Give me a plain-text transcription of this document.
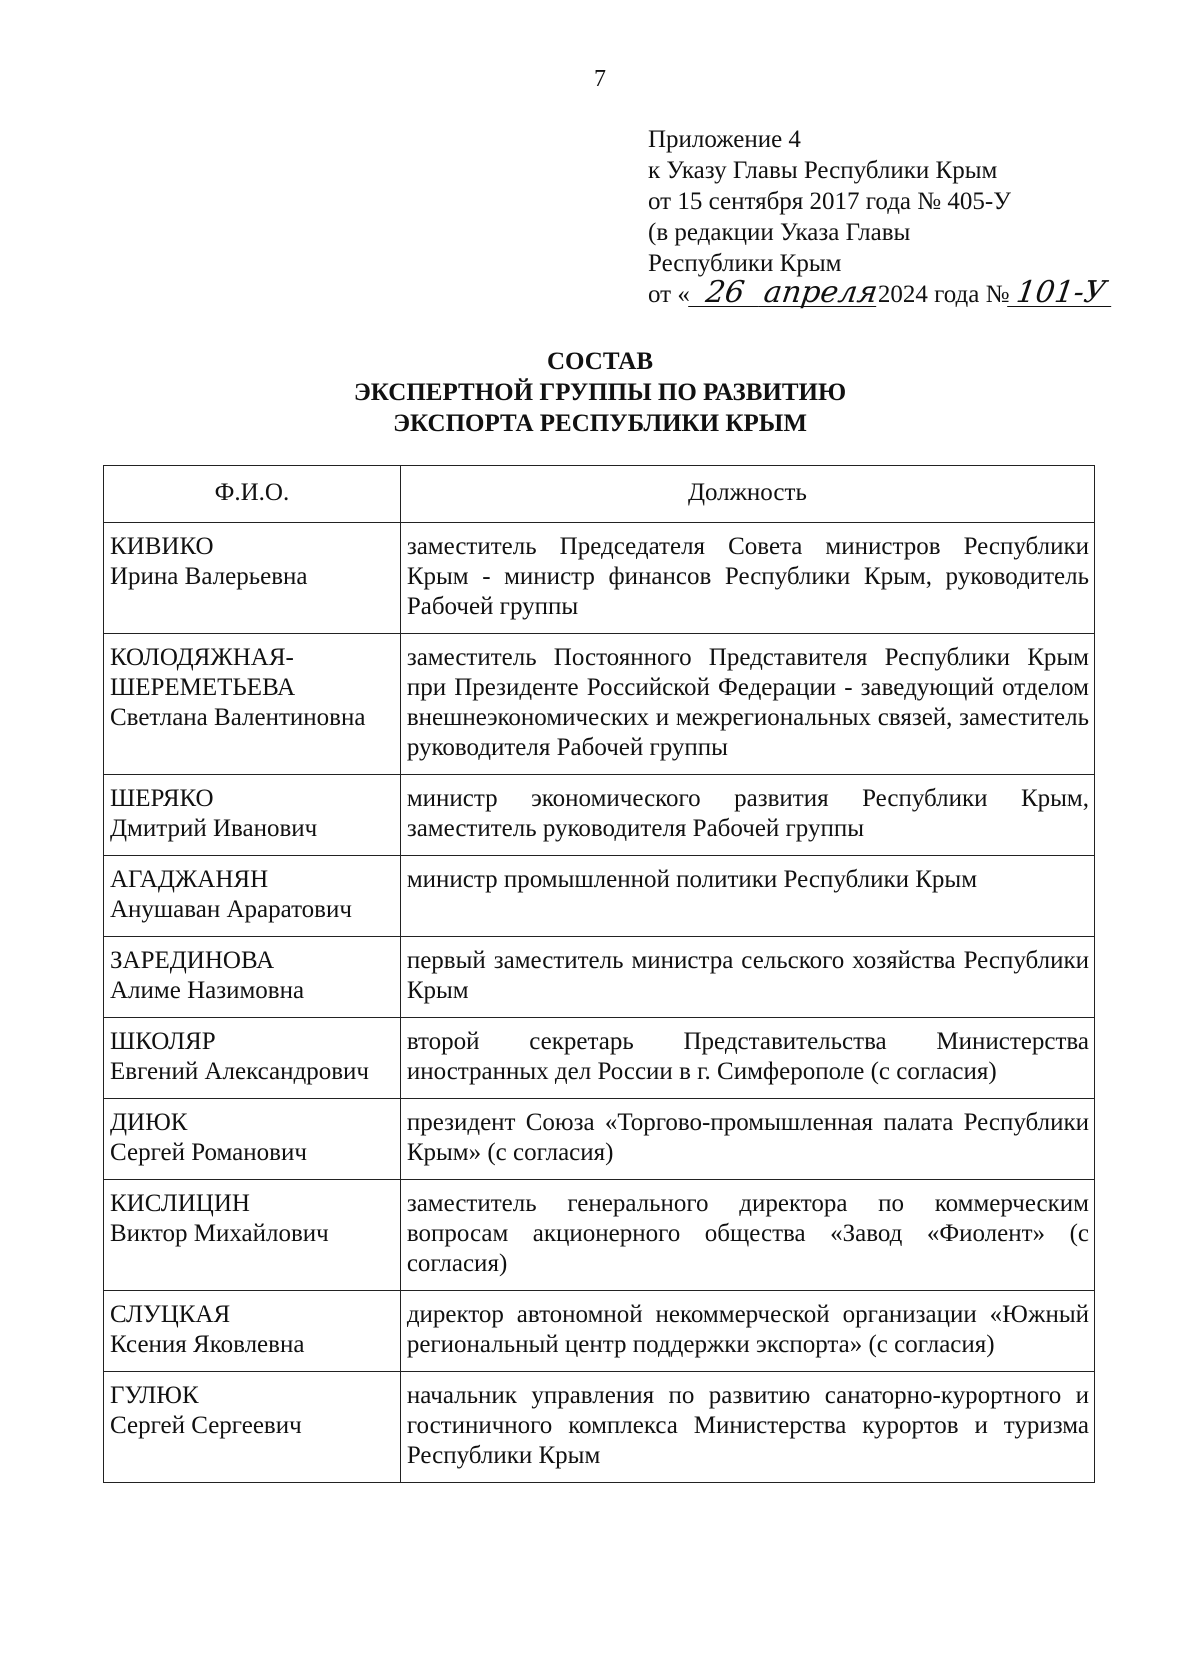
7
Приложение 4
к Указу Главы Республики Крым
от 15 сентября 2017 года № 405-У
(в редакции Указа Главы
Республики Крым
от « 26 апреля2024 года № 101-У
СОСТАВ
ЭКСПЕРТНОЙ ГРУППЫ ПО РАЗВИТИЮ
ЭКСПОРТА РЕСПУБЛИКИ КРЫМ
Ф.И.О.	Должность

КИВИКО
Ирина Валерьевна	заместитель Председателя Совета министров Республики Крым - министр финансов Республики Крым, руководитель Рабочей группы

КОЛОДЯЖНАЯ-ШЕРЕМЕТЬЕВА
Светлана Валентиновна	заместитель Постоянного Представителя Республики Крым при Президенте Российской Федерации - заведующий отделом внешнеэкономических и межрегиональных связей, заместитель руководителя Рабочей группы

ШЕРЯКО
Дмитрий Иванович	министр экономического развития Республики Крым, заместитель руководителя Рабочей группы

АГАДЖАНЯН
Анушаван Араратович	министр промышленной политики Республики Крым

ЗАРЕДИНОВА
Алиме Назимовна	первый заместитель министра сельского хозяйства Республики Крым

ШКОЛЯР
Евгений Александрович	второй секретарь Представительства Министерства иностранных дел России в г. Симферополе (с согласия)

ДИЮК
Сергей Романович	президент Союза «Торгово-промышленная палата Республики Крым» (с согласия)

КИСЛИЦИН
Виктор Михайлович	заместитель генерального директора по коммерческим вопросам акционерного общества «Завод «Фиолент» (с согласия)

СЛУЦКАЯ
Ксения Яковлевна	директор автономной некоммерческой организации «Южный региональный центр поддержки экспорта» (с согласия)

ГУЛЮК
Сергей Сергеевич	начальник управления по развитию санаторно-курортного и гостиничного комплекса Министерства курортов и туризма Республики Крым
